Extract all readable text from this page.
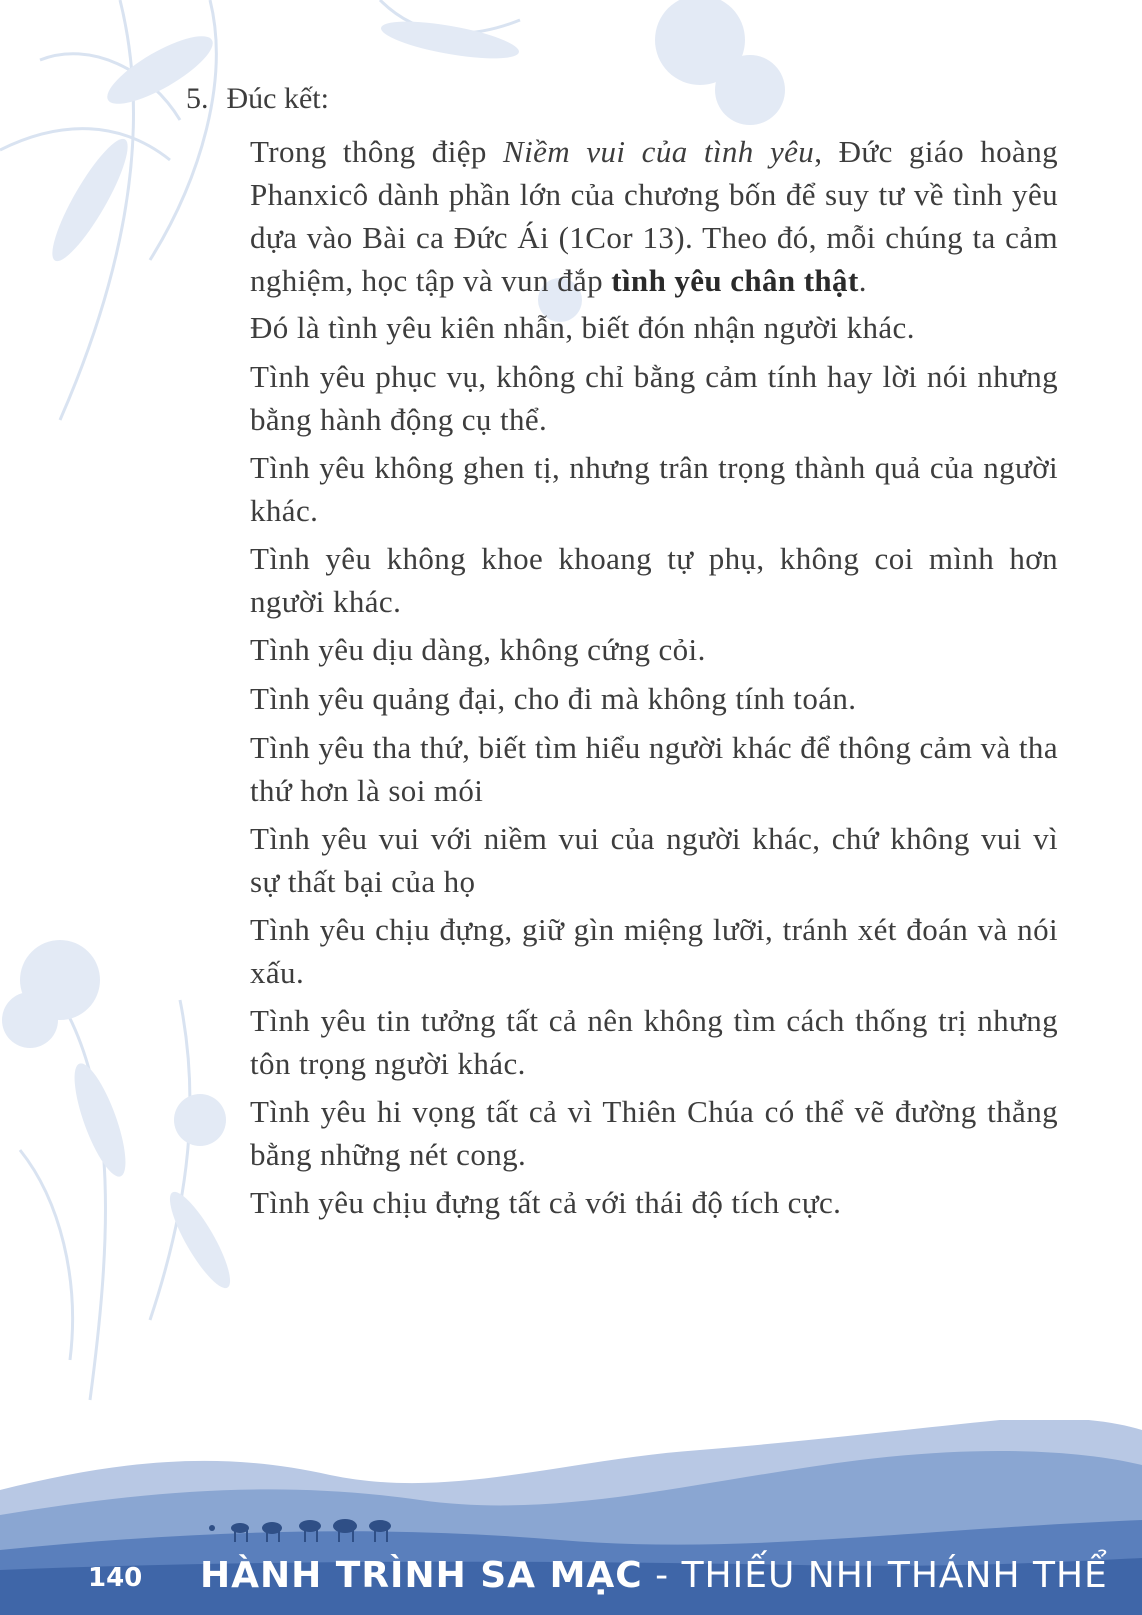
5. Đúc kết:
Trong thông điệp Niềm vui của tình yêu, Đức giáo hoàng Phanxicô dành phần lớn của chương bốn để suy tư về tình yêu dựa vào Bài ca Đức Ái (1Cor 13). Theo đó, mỗi chúng ta cảm nghiệm, học tập và vun đắp tình yêu chân thật.
Đó là tình yêu kiên nhẫn, biết đón nhận người khác.
Tình yêu phục vụ, không chỉ bằng cảm tính hay lời nói nhưng bằng hành động cụ thể.
Tình yêu không ghen tị, nhưng trân trọng thành quả của người khác.
Tình yêu không khoe khoang tự phụ, không coi mình hơn người khác.
Tình yêu dịu dàng, không cứng cỏi.
Tình yêu quảng đại, cho đi mà không tính toán.
Tình yêu tha thứ, biết tìm hiểu người khác để thông cảm và tha thứ hơn là soi mói
Tình yêu vui với niềm vui của người khác, chứ không vui vì sự thất bại của họ
Tình yêu chịu đựng, giữ gìn miệng lưỡi, tránh xét đoán và nói xấu.
Tình yêu tin tưởng tất cả nên không tìm cách thống trị nhưng tôn trọng người khác.
Tình yêu hi vọng tất cả vì Thiên Chúa có thể vẽ đường thẳng bằng những nét cong.
Tình yêu chịu đựng tất cả với thái độ tích cực.
140 HÀNH TRÌNH SA MẠC - THIẾU NHI THÁNH THỂ
